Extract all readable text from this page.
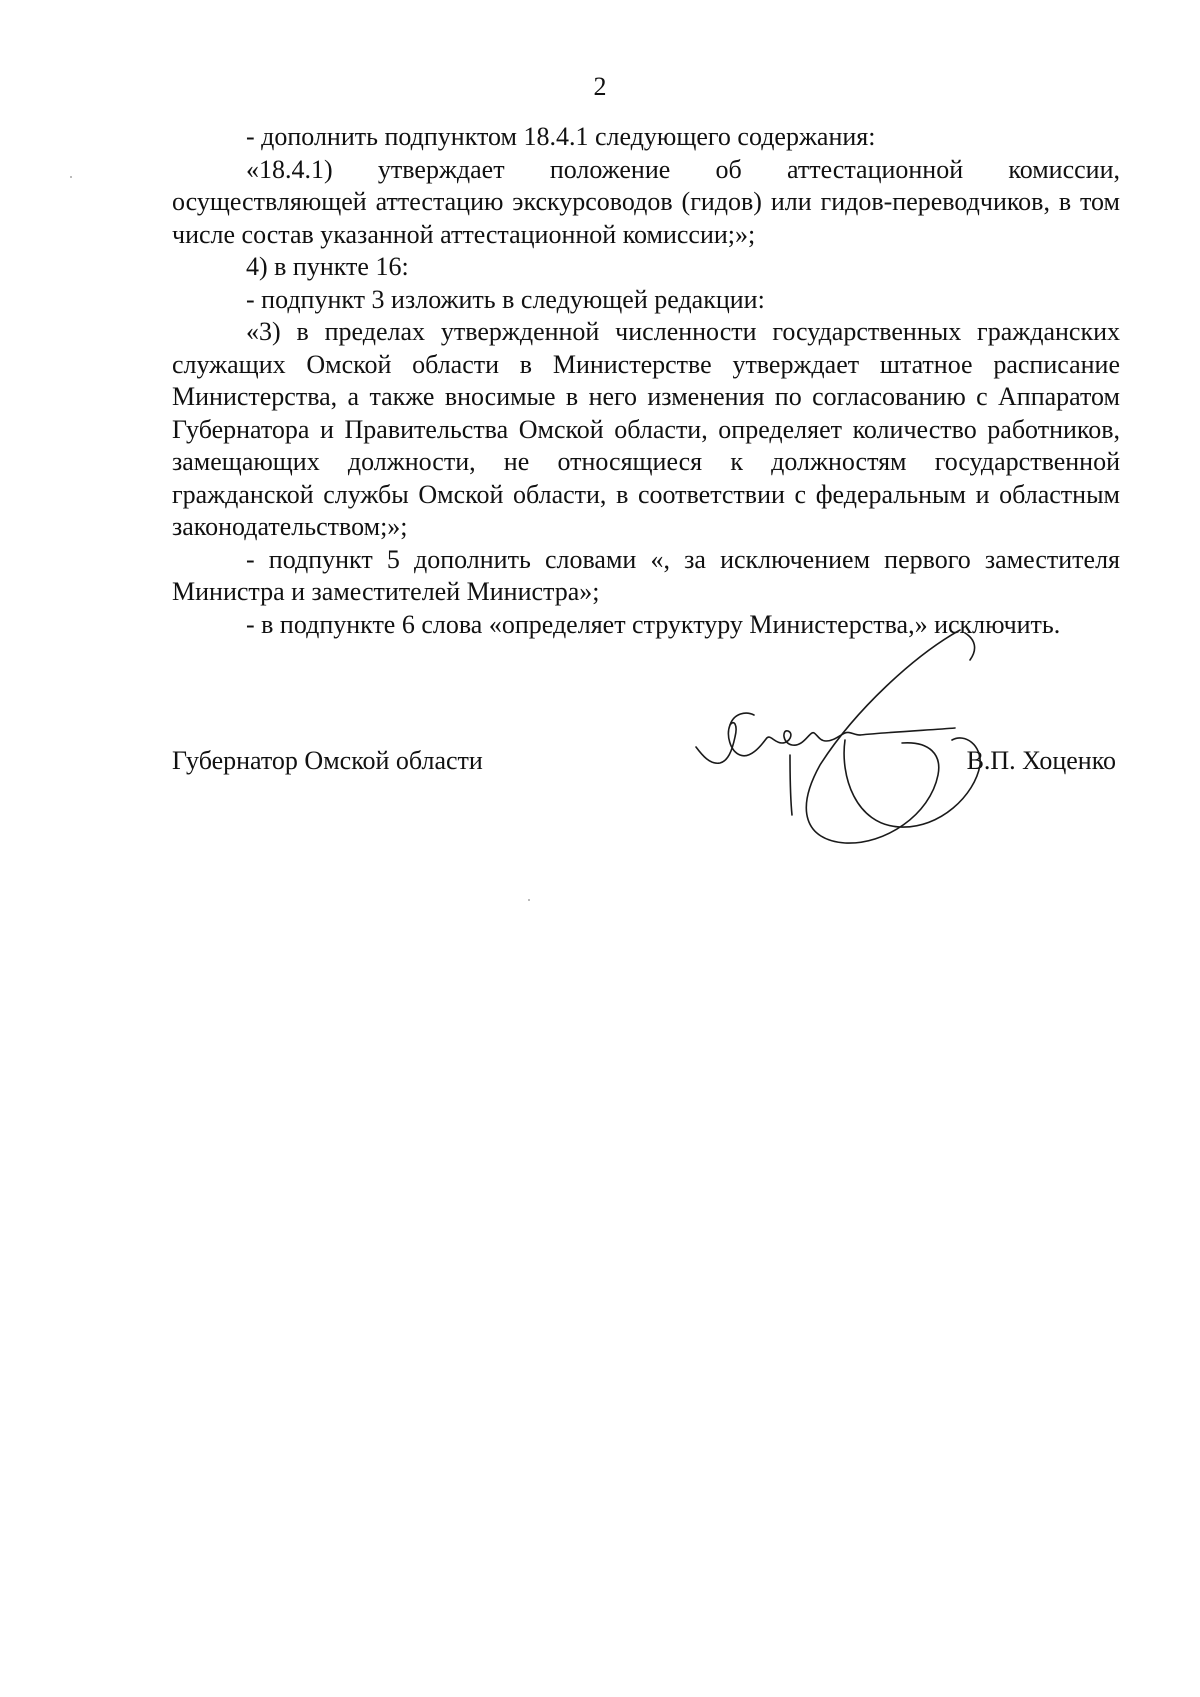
2

- дополнить подпунктом 18.4.1 следующего содержания:

«18.4.1) утверждает положение об аттестационной комиссии, осуществляющей аттестацию экскурсоводов (гидов) или гидов-переводчиков, в том числе состав указанной аттестационной комиссии;»;

4) в пункте 16:

- подпункт 3 изложить в следующей редакции:

«3) в пределах утвержденной численности государственных гражданских служащих Омской области в Министерстве утверждает штатное расписание Министерства, а также вносимые в него изменения по согласованию с Аппаратом Губернатора и Правительства Омской области, определяет количество работников, замещающих должности, не относящиеся к должностям государственной гражданской службы Омской области, в соответствии с федеральным и областным законодательством;»;

- подпункт 5 дополнить словами «, за исключением первого заместителя Министра и заместителей Министра»;

- в подпункте 6 слова «определяет структуру Министерства,» исключить.

Губернатор Омской области	В.П. Хоценко
